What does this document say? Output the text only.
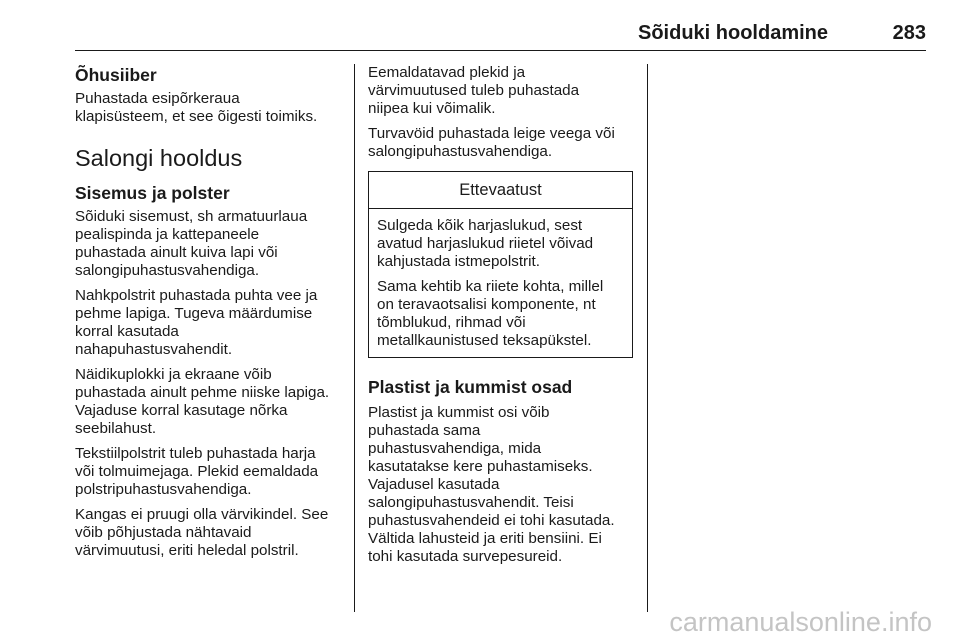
Sõiduki hooldamine	283
Õhusiiber

Puhastada esipõrkeraua
klapisüsteem, et see õigesti toimiks.

Salongi hooldus
Sisemus ja polster

Sõiduki sisemust, sh armatuurlaua
pealispinda ja kattepaneele
puhastada ainult kuiva lapi või
salongipuhastusvahendiga.

Nahkpolstrit puhastada puhta vee ja
pehme lapiga. Tugeva määrdumise
korral kasutada
nahapuhastusvahendit.

Näidikuplokki ja ekraane võib
puhastada ainult pehme niiske lapiga.
Vajaduse korral kasutage nõrka
seebilahust.

Tekstiilpolstrit tuleb puhastada harja
või tolmuimejaga. Plekid eemaldada
polstripuhastusvahendiga.

Kangas ei pruugi olla värvikindel. See
võib põhjustada nähtavaid
värvimuutusi, eriti heledal polstril.

Eemaldatavad plekid ja
värvimuutused tuleb puhastada
niipea kui võimalik.

Turvavöid puhastada leige veega või
salongipuhastusvahendiga.

Ettevaatust

Sulgeda kõik harjaslukud, sest
avatud harjaslukud riietel võivad
kahjustada istmepolstrit.

Sama kehtib ka riiete kohta, millel
on teravaotsalisi komponente, nt
tõmblukud, rihmad või
metallkaunistused teksapükstel.

Plastist ja kummist osad

Plastist ja kummist osi võib
puhastada sama
puhastusvahendiga, mida
kasutatakse kere puhastamiseks.
Vajadusel kasutada
salongipuhastusvahendit. Teisi
puhastusvahendeid ei tohi kasutada.
Vältida lahusteid ja eriti bensiini. Ei
tohi kasutada survepesureid.

carmanualsonline.info
